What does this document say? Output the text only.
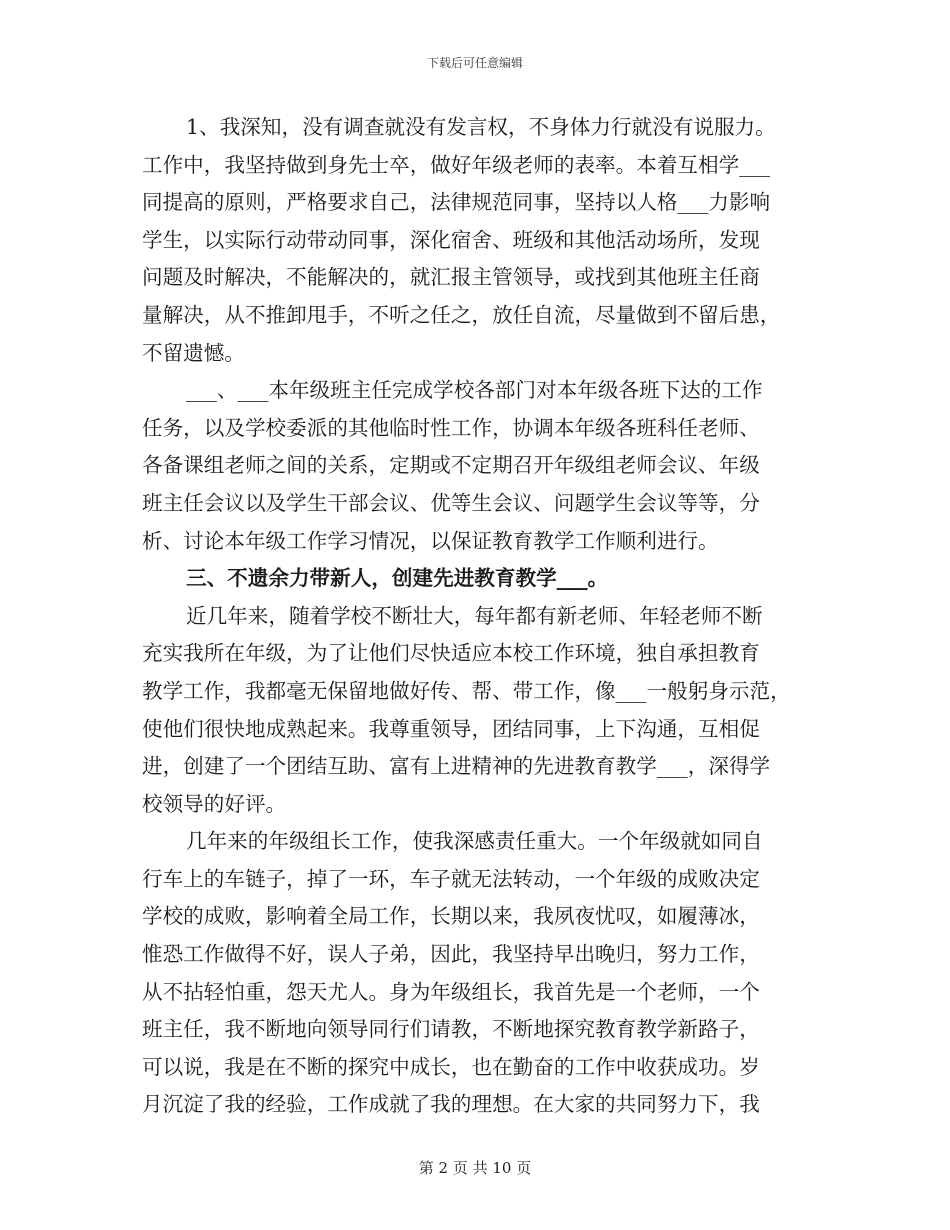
下载后可任意编辑
1、我深知，没有调查就没有发言权，不身体力行就没有说服力。
工作中，我坚持做到身先士卒，做好年级老师的表率。本着互相学___
同提高的原则，严格要求自己，法律规范同事，坚持以人格___力影响
学生，以实际行动带动同事，深化宿舍、班级和其他活动场所，发现
问题及时解决，不能解决的，就汇报主管领导，或找到其他班主任商
量解决，从不推卸甩手，不听之任之，放任自流，尽量做到不留后患，
不留遗憾。
___、___本年级班主任完成学校各部门对本年级各班下达的工作
任务，以及学校委派的其他临时性工作，协调本年级各班科任老师、
各备课组老师之间的关系，定期或不定期召开年级组老师会议、年级
班主任会议以及学生干部会议、优等生会议、问题学生会议等等，分
析、讨论本年级工作学习情况，以保证教育教学工作顺利进行。
三、不遗余力带新人，创建先进教育教学___。
近几年来，随着学校不断壮大，每年都有新老师、年轻老师不断
充实我所在年级，为了让他们尽快适应本校工作环境，独自承担教育
教学工作，我都毫无保留地做好传、帮、带工作，像___一般躬身示范，
使他们很快地成熟起来。我尊重领导，团结同事，上下沟通，互相促
进，创建了一个团结互助、富有上进精神的先进教育教学___，深得学
校领导的好评。
几年来的年级组长工作，使我深感责任重大。一个年级就如同自
行车上的车链子，掉了一环，车子就无法转动，一个年级的成败决定
学校的成败，影响着全局工作，长期以来，我夙夜忧叹，如履薄冰，
惟恐工作做得不好，误人子弟，因此，我坚持早出晚归，努力工作，
从不拈轻怕重，怨天尤人。身为年级组长，我首先是一个老师，一个
班主任，我不断地向领导同行们请教，不断地探究教育教学新路子，
可以说，我是在不断的探究中成长，也在勤奋的工作中收获成功。岁
月沉淀了我的经验，工作成就了我的理想。在大家的共同努力下，我
第 2 页 共 10 页
